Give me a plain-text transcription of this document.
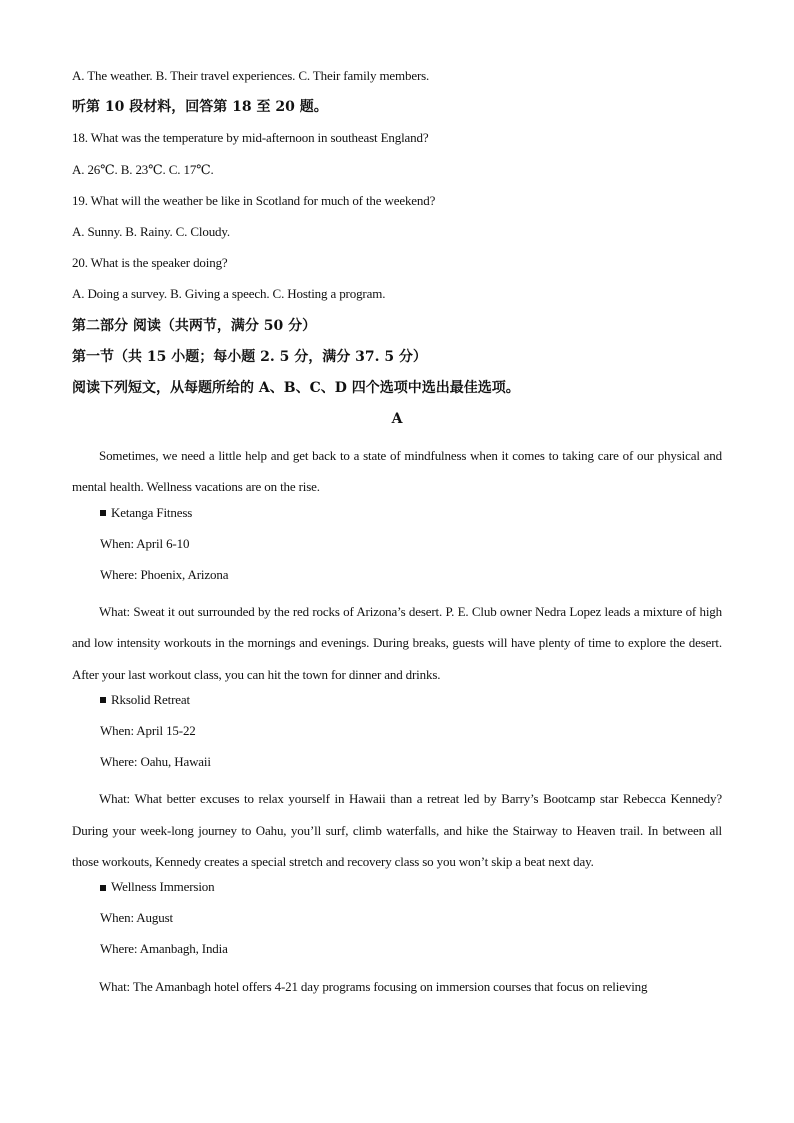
A. The weather. B. Their travel experiences. C. Their family members.
听第 10 段材料，回答第 18 至 20 题。
18. What was the temperature by mid-afternoon in southeast England?
A. 26℃. B. 23℃. C. 17℃.
19. What will the weather be like in Scotland for much of the weekend?
A. Sunny. B. Rainy. C. Cloudy.
20. What is the speaker doing?
A. Doing a survey. B. Giving a speech. C. Hosting a program.
第二部分 阅读（共两节，满分 50 分）
第一节（共 15 小题；每小题 2. 5 分，满分 37. 5 分）
阅读下列短文，从每题所给的 A、B、C、D 四个选项中选出最佳选项。
A

Sometimes, we need a little help and get back to a state of mindfulness when it comes to taking care of our physical and mental health. Wellness vacations are on the rise.

Ketanga Fitness
When: April 6-10
Where: Phoenix, Arizona

What: Sweat it out surrounded by the red rocks of Arizona’s desert. P. E. Club owner Nedra Lopez leads a mixture of high and low intensity workouts in the mornings and evenings. During breaks, guests will have plenty of time to explore the desert. After your last workout class, you can hit the town for dinner and drinks.

Rksolid Retreat
When: April 15-22
Where: Oahu, Hawaii

What: What better excuses to relax yourself in Hawaii than a retreat led by Barry’s Bootcamp star Rebecca Kennedy? During your week-long journey to Oahu, you’ll surf, climb waterfalls, and hike the Stairway to Heaven trail. In between all those workouts, Kennedy creates a special stretch and recovery class so you won’t skip a beat next day.

Wellness Immersion
When: August
Where: Amanbagh, India

What: The Amanbagh hotel offers 4-21 day programs focusing on immersion courses that focus on relieving
